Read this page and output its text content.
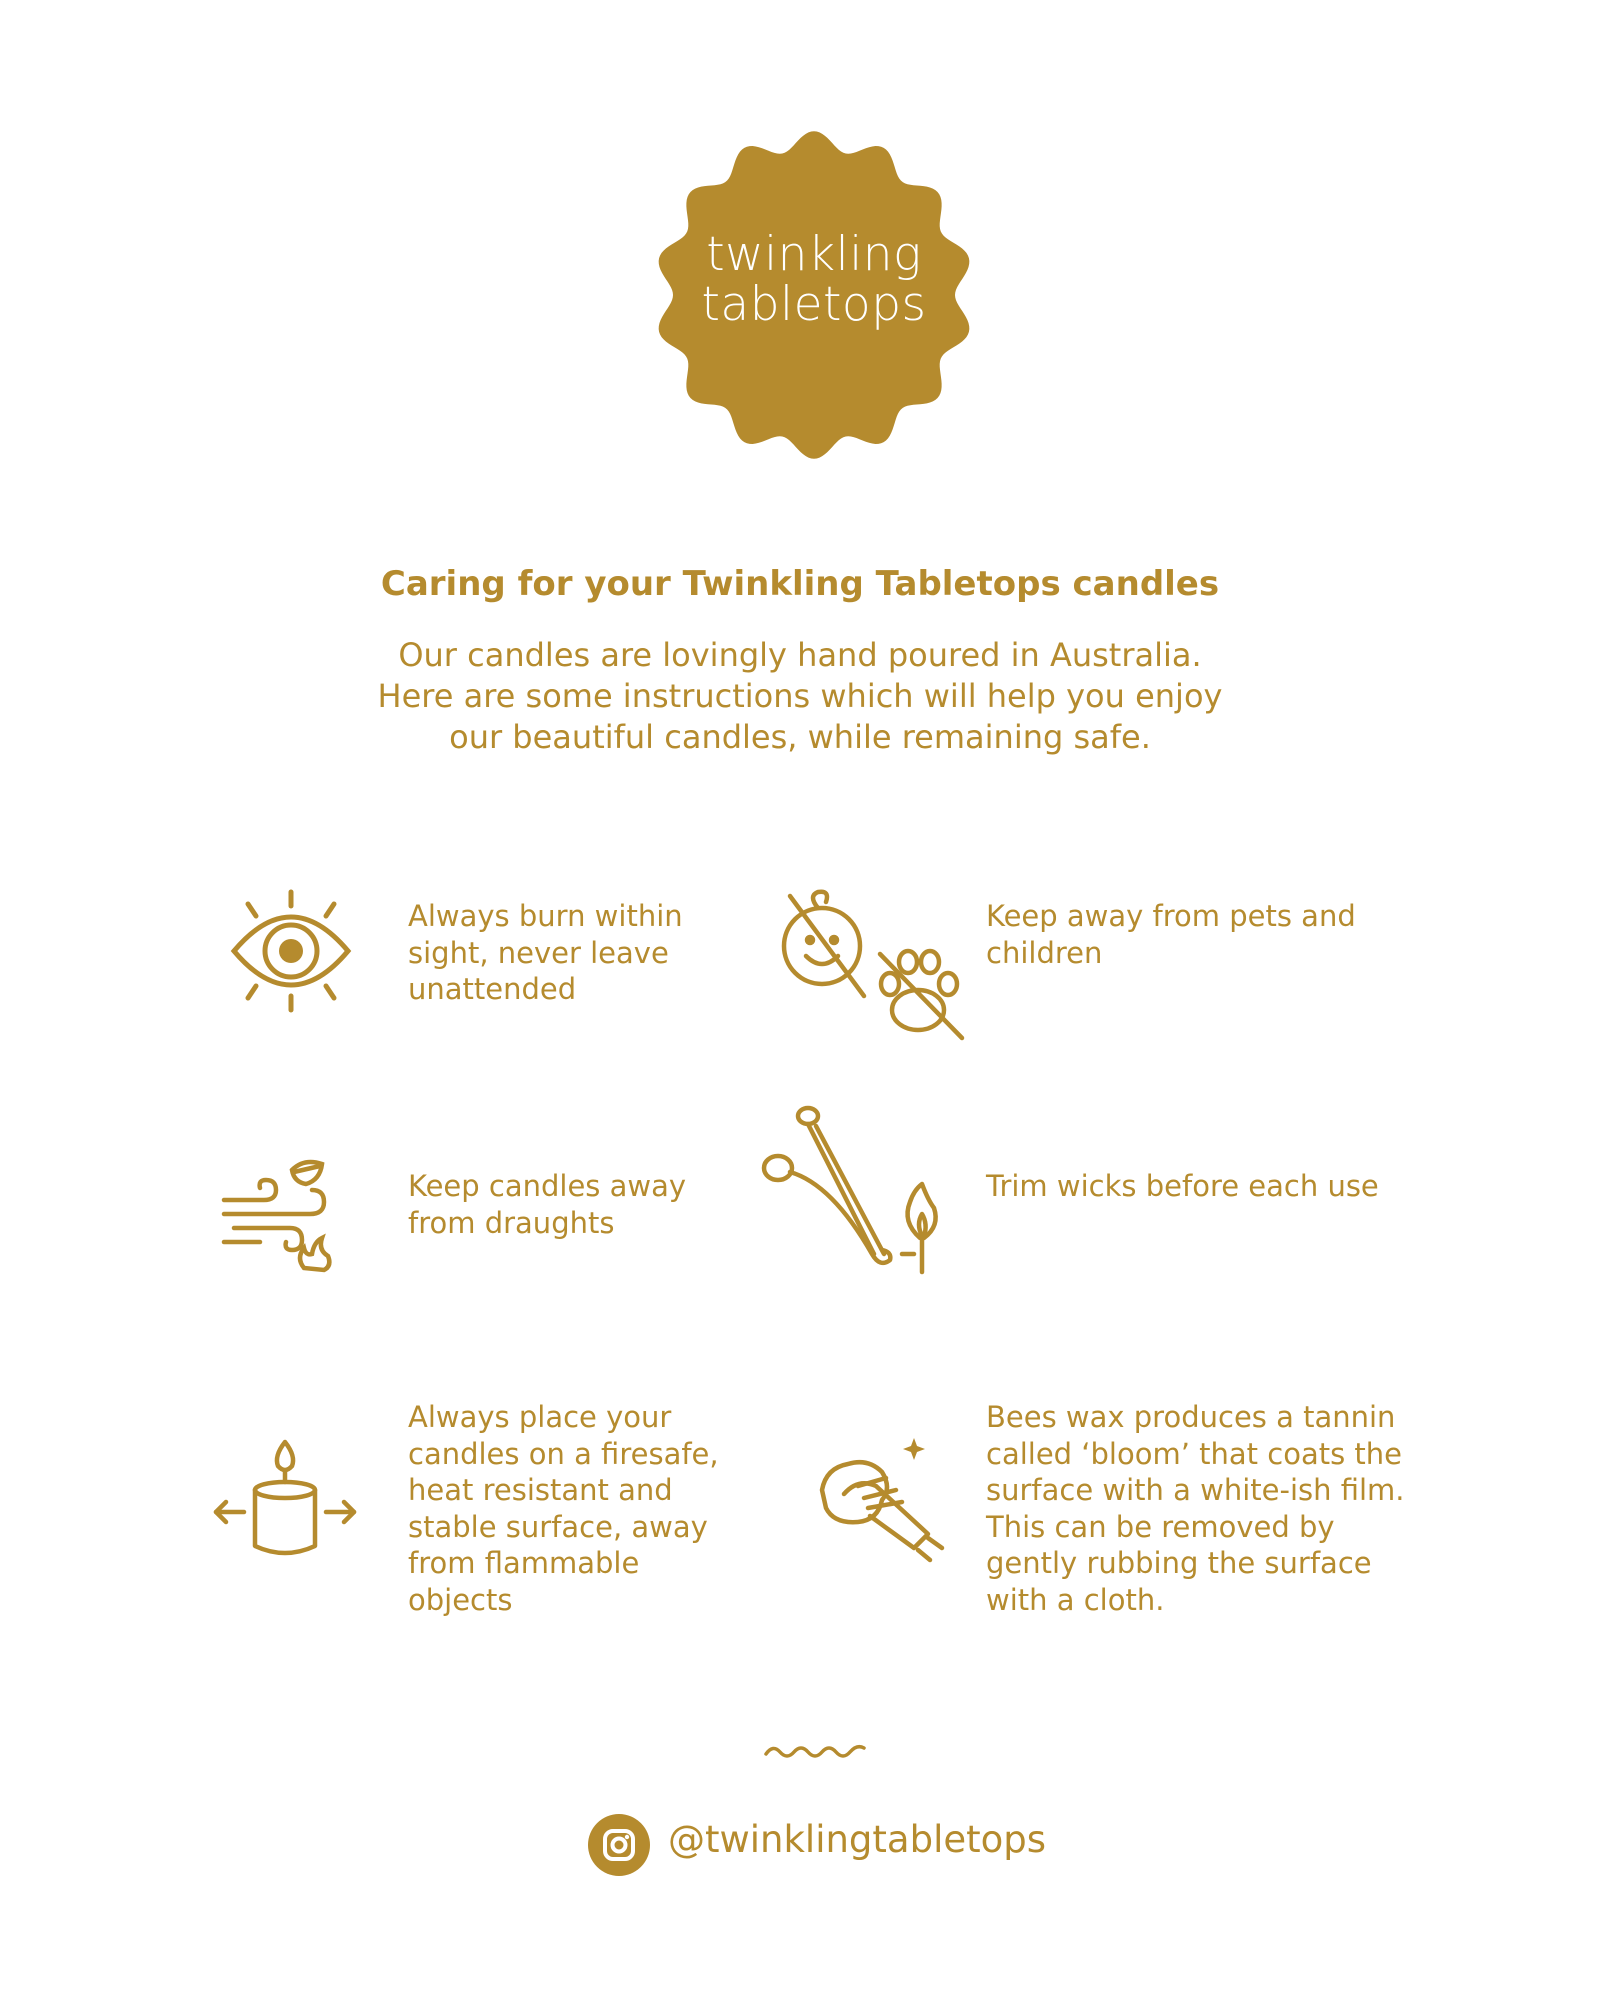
twinkling
tabletops
Caring for your Twinkling Tabletops candles
Our candles are lovingly hand poured in Australia.
Here are some instructions which will help you enjoy
our beautiful candles, while remaining safe.

Always burn within sight, never leave unattended

Keep away from pets and children

Keep candles away from draughts

Trim wicks before each use

Always place your candles on a firesafe, heat resistant and stable surface, away from flammable objects

Bees wax produces a tannin called ‘bloom’ that coats the surface with a white-ish film. This can be removed by gently rubbing the surface with a cloth.

@twinklingtabletops
